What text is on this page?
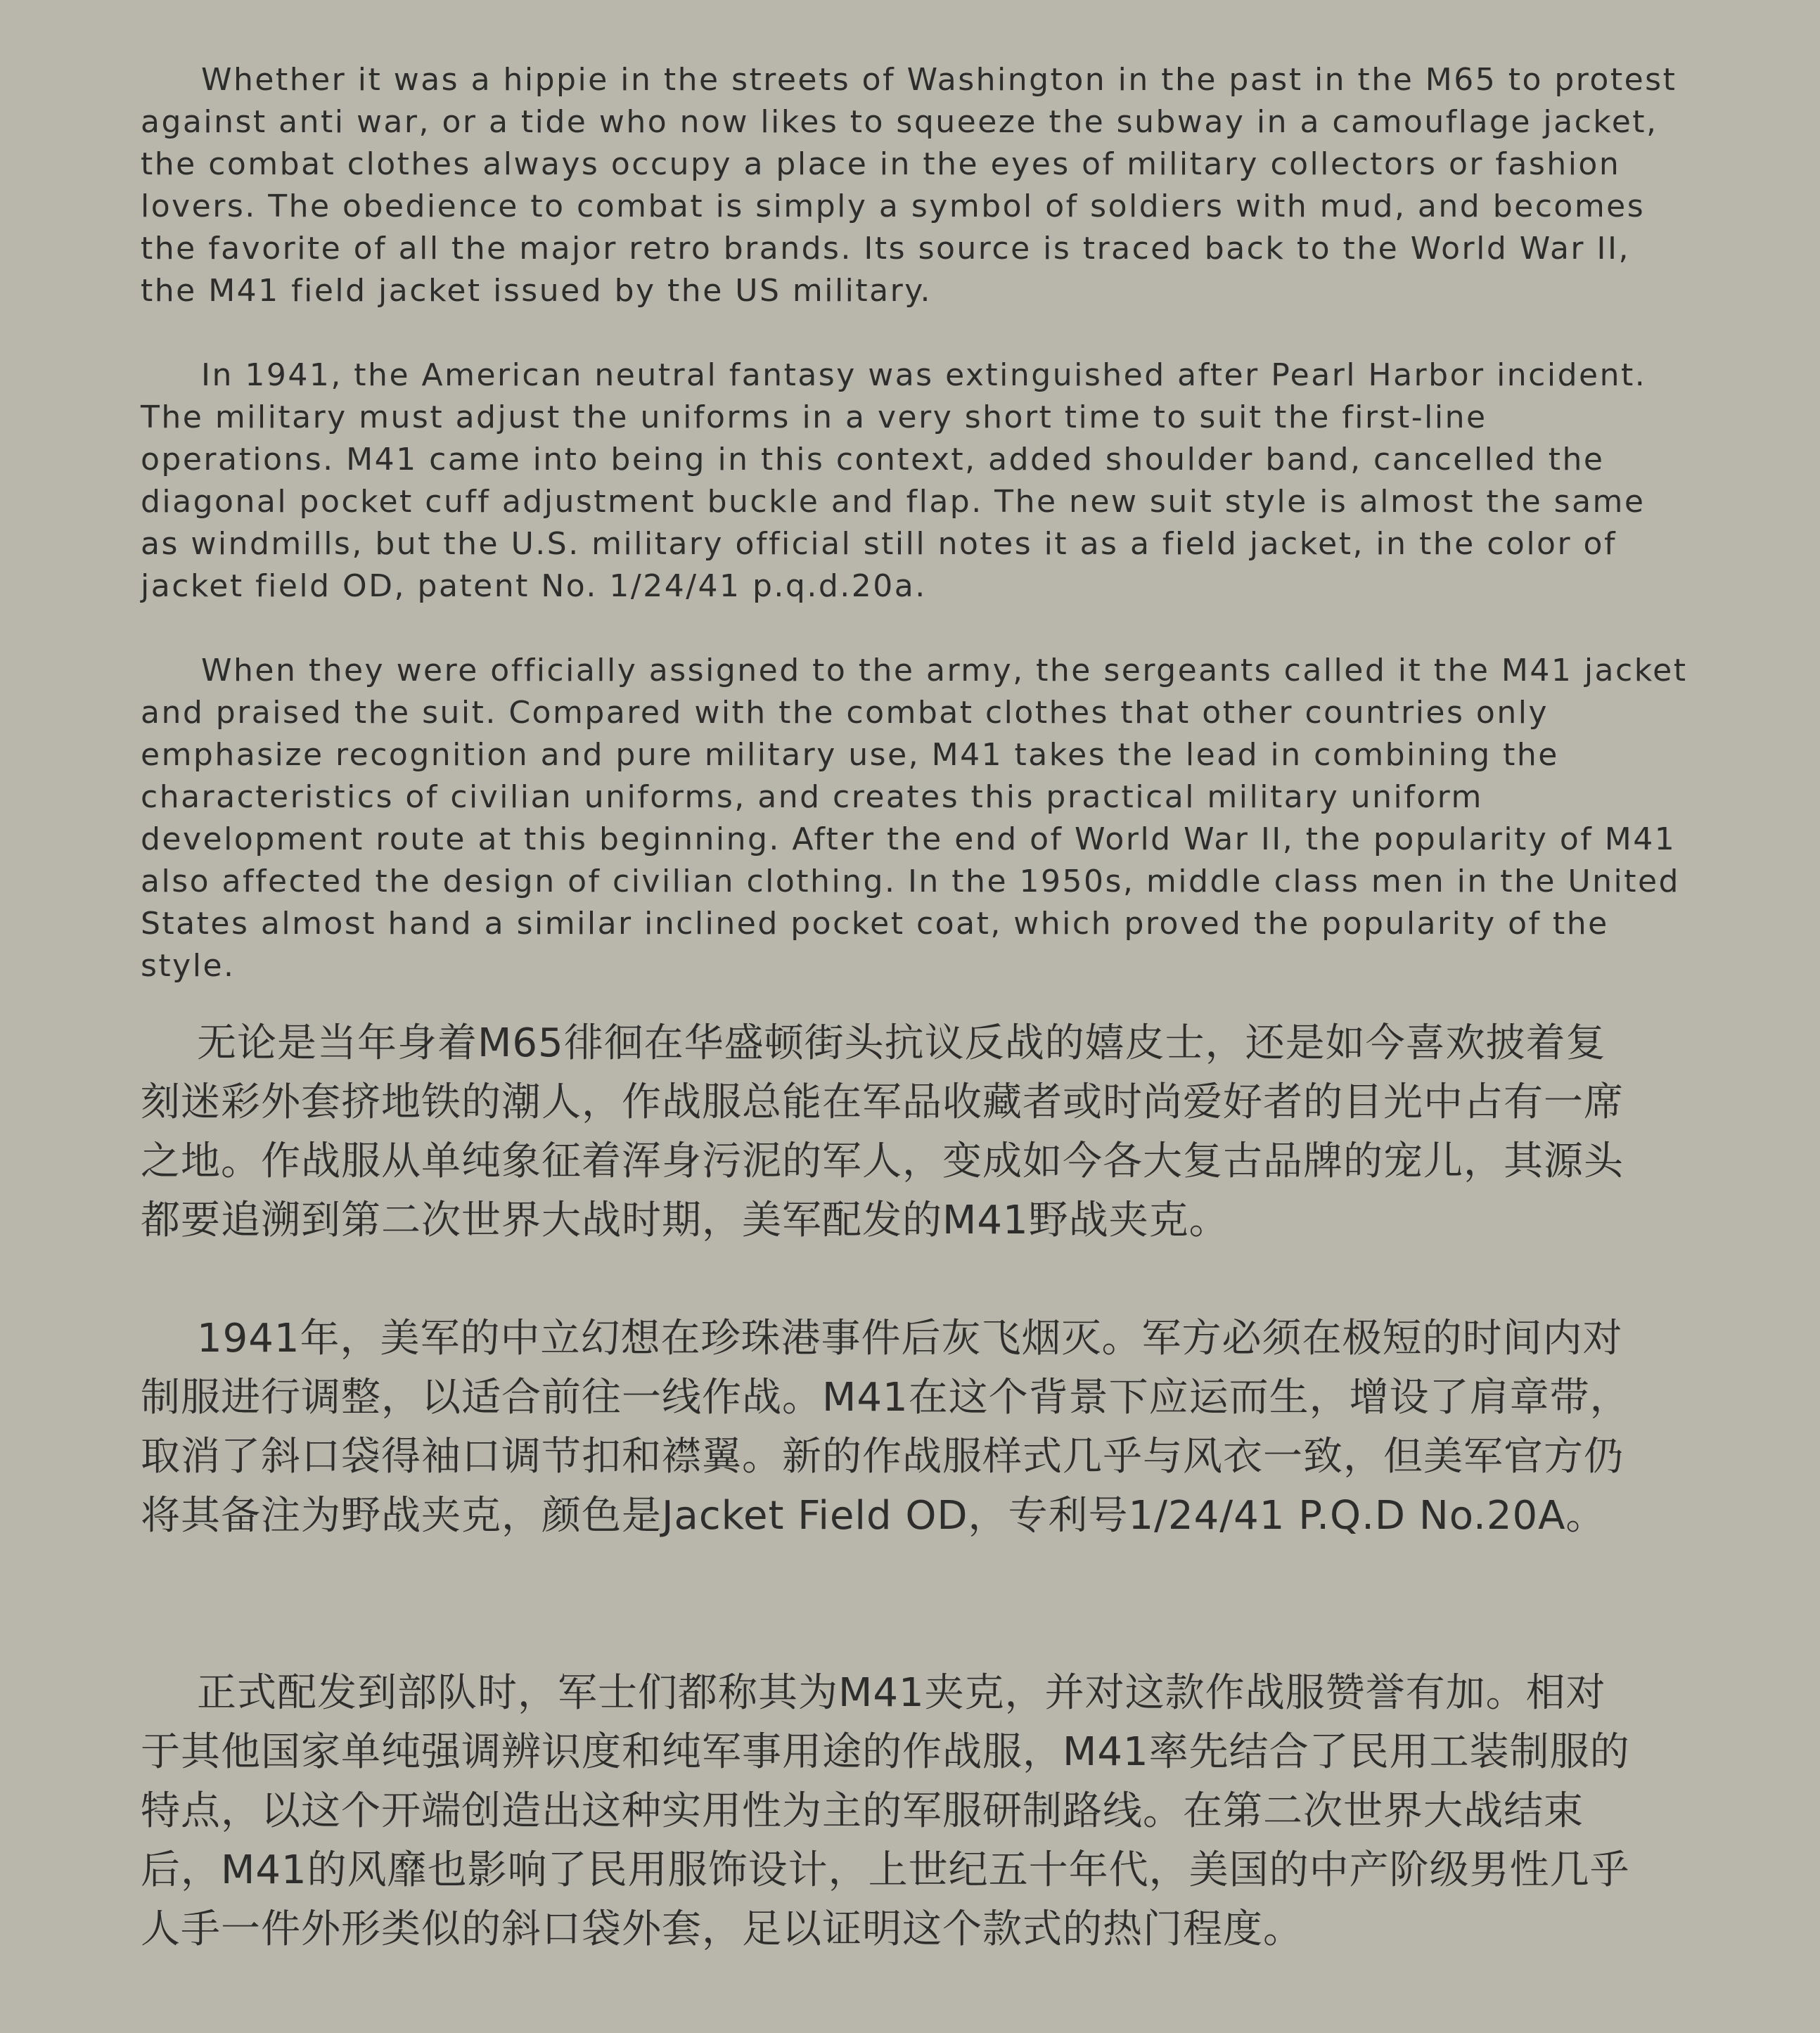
Whether it was a hippie in the streets of Washington in the past in the M65 to protest against anti war, or a tide who now likes to squeeze the subway in a camouflage jacket, the combat clothes always occupy a place in the eyes of military collectors or fashion lovers. The obedience to combat is simply a symbol of soldiers with mud, and becomes the favorite of all the major retro brands. Its source is traced back to the World War II, the M41 field jacket issued by the US military.

In 1941, the American neutral fantasy was extinguished after Pearl Harbor incident. The military must adjust the uniforms in a very short time to suit the first-line operations. M41 came into being in this context, added shoulder band, cancelled the diagonal pocket cuff adjustment buckle and flap. The new suit style is almost the same as windmills, but the U.S. military official still notes it as a field jacket, in the color of jacket field OD, patent No. 1/24/41 p.q.d.20a.

When they were officially assigned to the army, the sergeants called it the M41 jacket and praised the suit. Compared with the combat clothes that other countries only emphasize recognition and pure military use, M41 takes the lead in combining the characteristics of civilian uniforms, and creates this practical military uniform development route at this beginning. After the end of World War II, the popularity of M41 also affected the design of civilian clothing. In the 1950s, middle class men in the United States almost hand a similar inclined pocket coat, which proved the popularity of the style.

无论是当年身着M65徘徊在华盛顿街头抗议反战的嬉皮士，还是如今喜欢披着复刻迷彩外套挤地铁的潮人，作战服总能在军品收藏者或时尚爱好者的目光中占有一席之地。作战服从单纯象征着浑身污泥的军人，变成如今各大复古品牌的宠儿，其源头都要追溯到第二次世界大战时期，美军配发的M41野战夹克。

1941年，美军的中立幻想在珍珠港事件后灰飞烟灭。军方必须在极短的时间内对制服进行调整，以适合前往一线作战。M41在这个背景下应运而生，增设了肩章带，取消了斜口袋得袖口调节扣和襟翼。新的作战服样式几乎与风衣一致，但美军官方仍将其备注为野战夹克，颜色是Jacket Field OD，专利号1/24/41 P.Q.D No.20A。

正式配发到部队时，军士们都称其为M41夹克，并对这款作战服赞誉有加。相对于其他国家单纯强调辨识度和纯军事用途的作战服，M41率先结合了民用工装制服的特点，以这个开端创造出这种实用性为主的军服研制路线。在第二次世界大战结束后，M41的风靡也影响了民用服饰设计，上世纪五十年代，美国的中产阶级男性几乎人手一件外形类似的斜口袋外套，足以证明这个款式的热门程度。
